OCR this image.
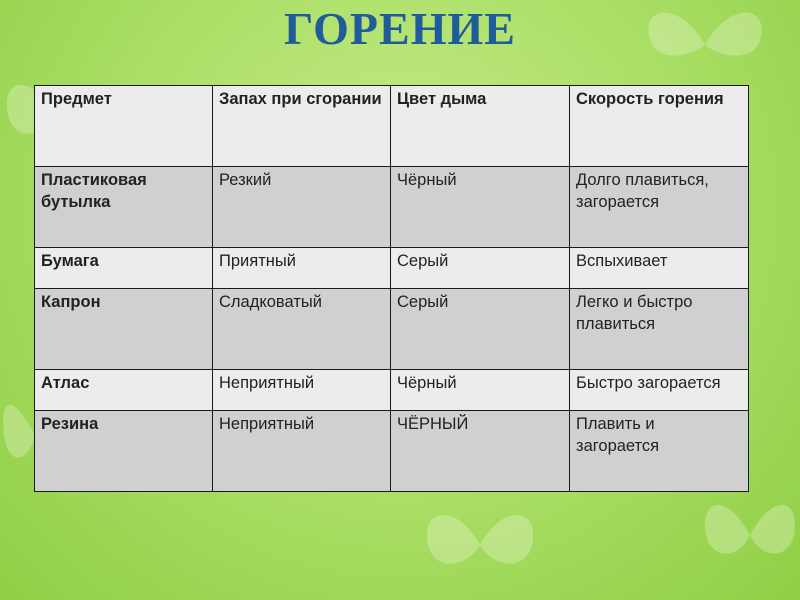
ГОРЕНИЕ
Предмет	Запах при сгорании	Цвет дыма	Скорость горения
Пластиковая бутылка	Резкий	Чёрный	Долго плавиться, загорается
Бумага	Приятный	Серый	Вспыхивает
Капрон	Сладковатый	Серый	Легко и быстро плавиться
Атлас	Неприятный	Чёрный	Быстро загорается
Резина	Неприятный	ЧЁРНЫЙ	Плавить и загорается
